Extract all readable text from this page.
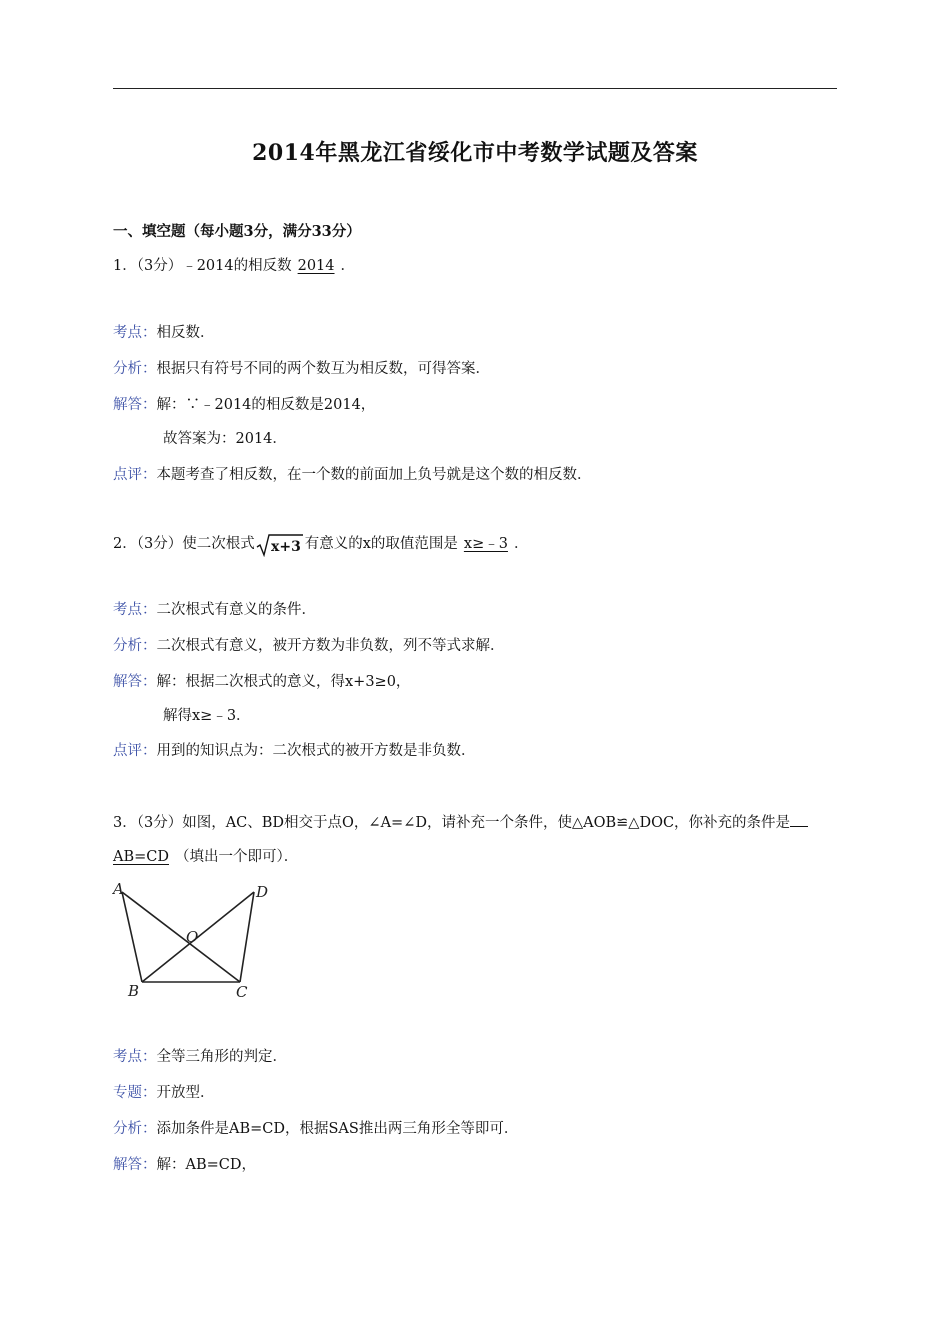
2014年黑龙江省绥化市中考数学试题及答案
一、填空题（每小题3分，满分33分）
1．（3分）﹣2014的相反数 2014 ．
考点：相反数．
分析：根据只有符号不同的两个数互为相反数，可得答案．
解答：解：∵﹣2014的相反数是2014，
故答案为：2014．
点评：本题考查了相反数，在一个数的前面加上负号就是这个数的相反数．
2．（3分）使二次根式 x+3 有意义的x的取值范围是 x≥﹣3 ．
考点：二次根式有意义的条件．
分析：二次根式有意义，被开方数为非负数，列不等式求解．
解答：解：根据二次根式的意义，得x+3≥0，
解得x≥﹣3．
点评：用到的知识点为：二次根式的被开方数是非负数．
3．（3分）如图，AC、BD相交于点O，∠A=∠D，请补充一个条件，使△AOB≌△DOC，你补充的条件是
AB=CD （填出一个即可）．
A
B	C
D
O
考点：全等三角形的判定．
专题：开放型．
分析：添加条件是AB=CD，根据SAS推出两三角形全等即可．
解答：解：AB=CD，
